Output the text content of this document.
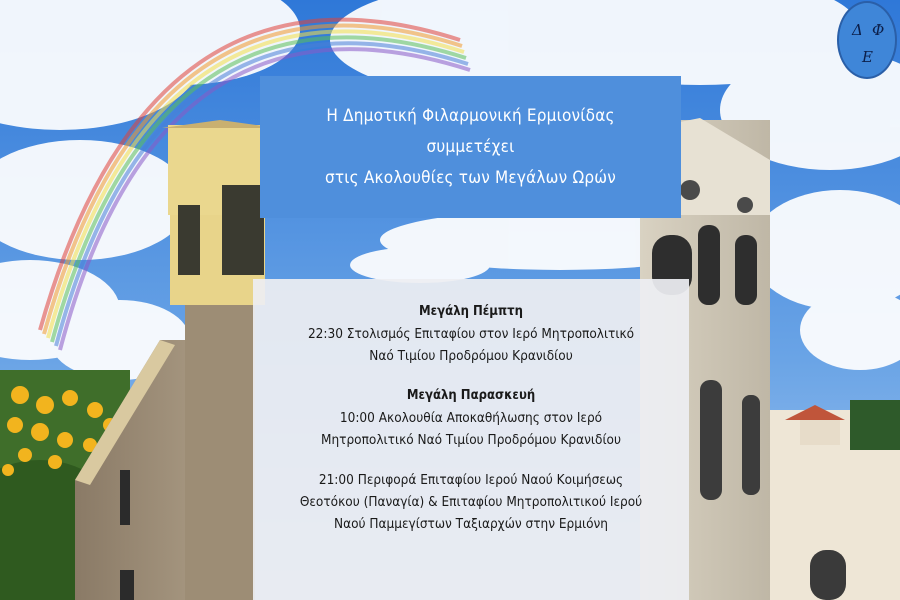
Η Δημοτική Φιλαρμονική Ερμιονίδας
συμμετέχει
στις Ακολουθίες των Μεγάλων Ωρών
Μεγάλη Πέμπτη
22:30 Στολισμός Επιταφίου στον Ιερό Μητροπολιτικό
Ναό Τιμίου Προδρόμου Κρανιδίου
Μεγάλη Παρασκευή
10:00 Ακολουθία Αποκαθήλωσης στον Ιερό
Μητροπολιτικό Ναό Τιμίου Προδρόμου Κρανιδίου
21:00 Περιφορά Επιταφίου Ιερού Ναού Κοιμήσεως
Θεοτόκου (Παναγία) & Επιταφίου Μητροπολιτικού Ιερού
Ναού Παμμεγίστων Ταξιαρχών στην Ερμιόνη
Δ Φ
Ε
